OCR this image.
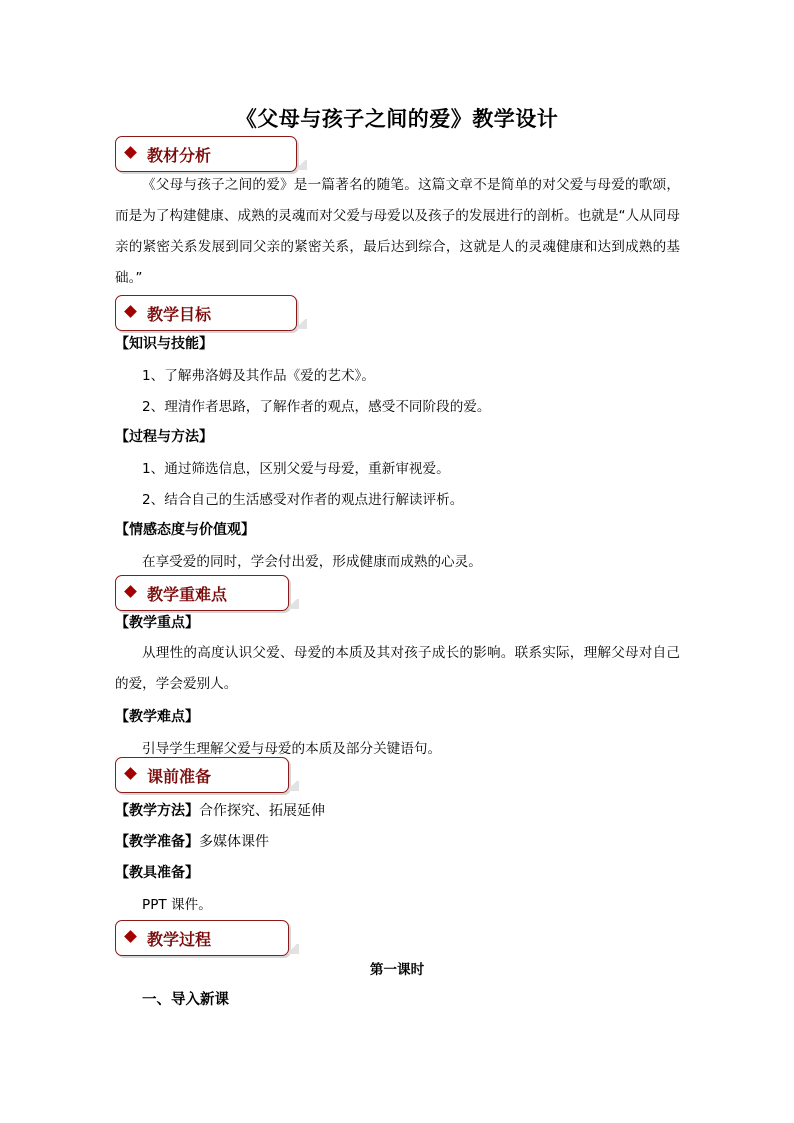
《父母与孩子之间的爱》教学设计
教材分析
《父母与孩子之间的爱》是一篇著名的随笔。这篇文章不是简单的对父爱与母爱的歌颂，而是为了构建健康、成熟的灵魂而对父爱与母爱以及孩子的发展进行的剖析。也就是“人从同母亲的紧密关系发展到同父亲的紧密关系，最后达到综合，这就是人的灵魂健康和达到成熟的基础。”
教学目标
【知识与技能】
1、了解弗洛姆及其作品《爱的艺术》。
2、理清作者思路，了解作者的观点，感受不同阶段的爱。
【过程与方法】
1、通过筛选信息，区别父爱与母爱，重新审视爱。
2、结合自己的生活感受对作者的观点进行解读评析。
【情感态度与价值观】
在享受爱的同时，学会付出爱，形成健康而成熟的心灵。
教学重难点
【教学重点】
从理性的高度认识父爱、母爱的本质及其对孩子成长的影响。联系实际，理解父母对自己的爱，学会爱别人。
【教学难点】
引导学生理解父爱与母爱的本质及部分关键语句。
课前准备
【教学方法】合作探究、拓展延伸
【教学准备】多媒体课件
【教具准备】
PPT 课件。
教学过程
第一课时
一、导入新课
